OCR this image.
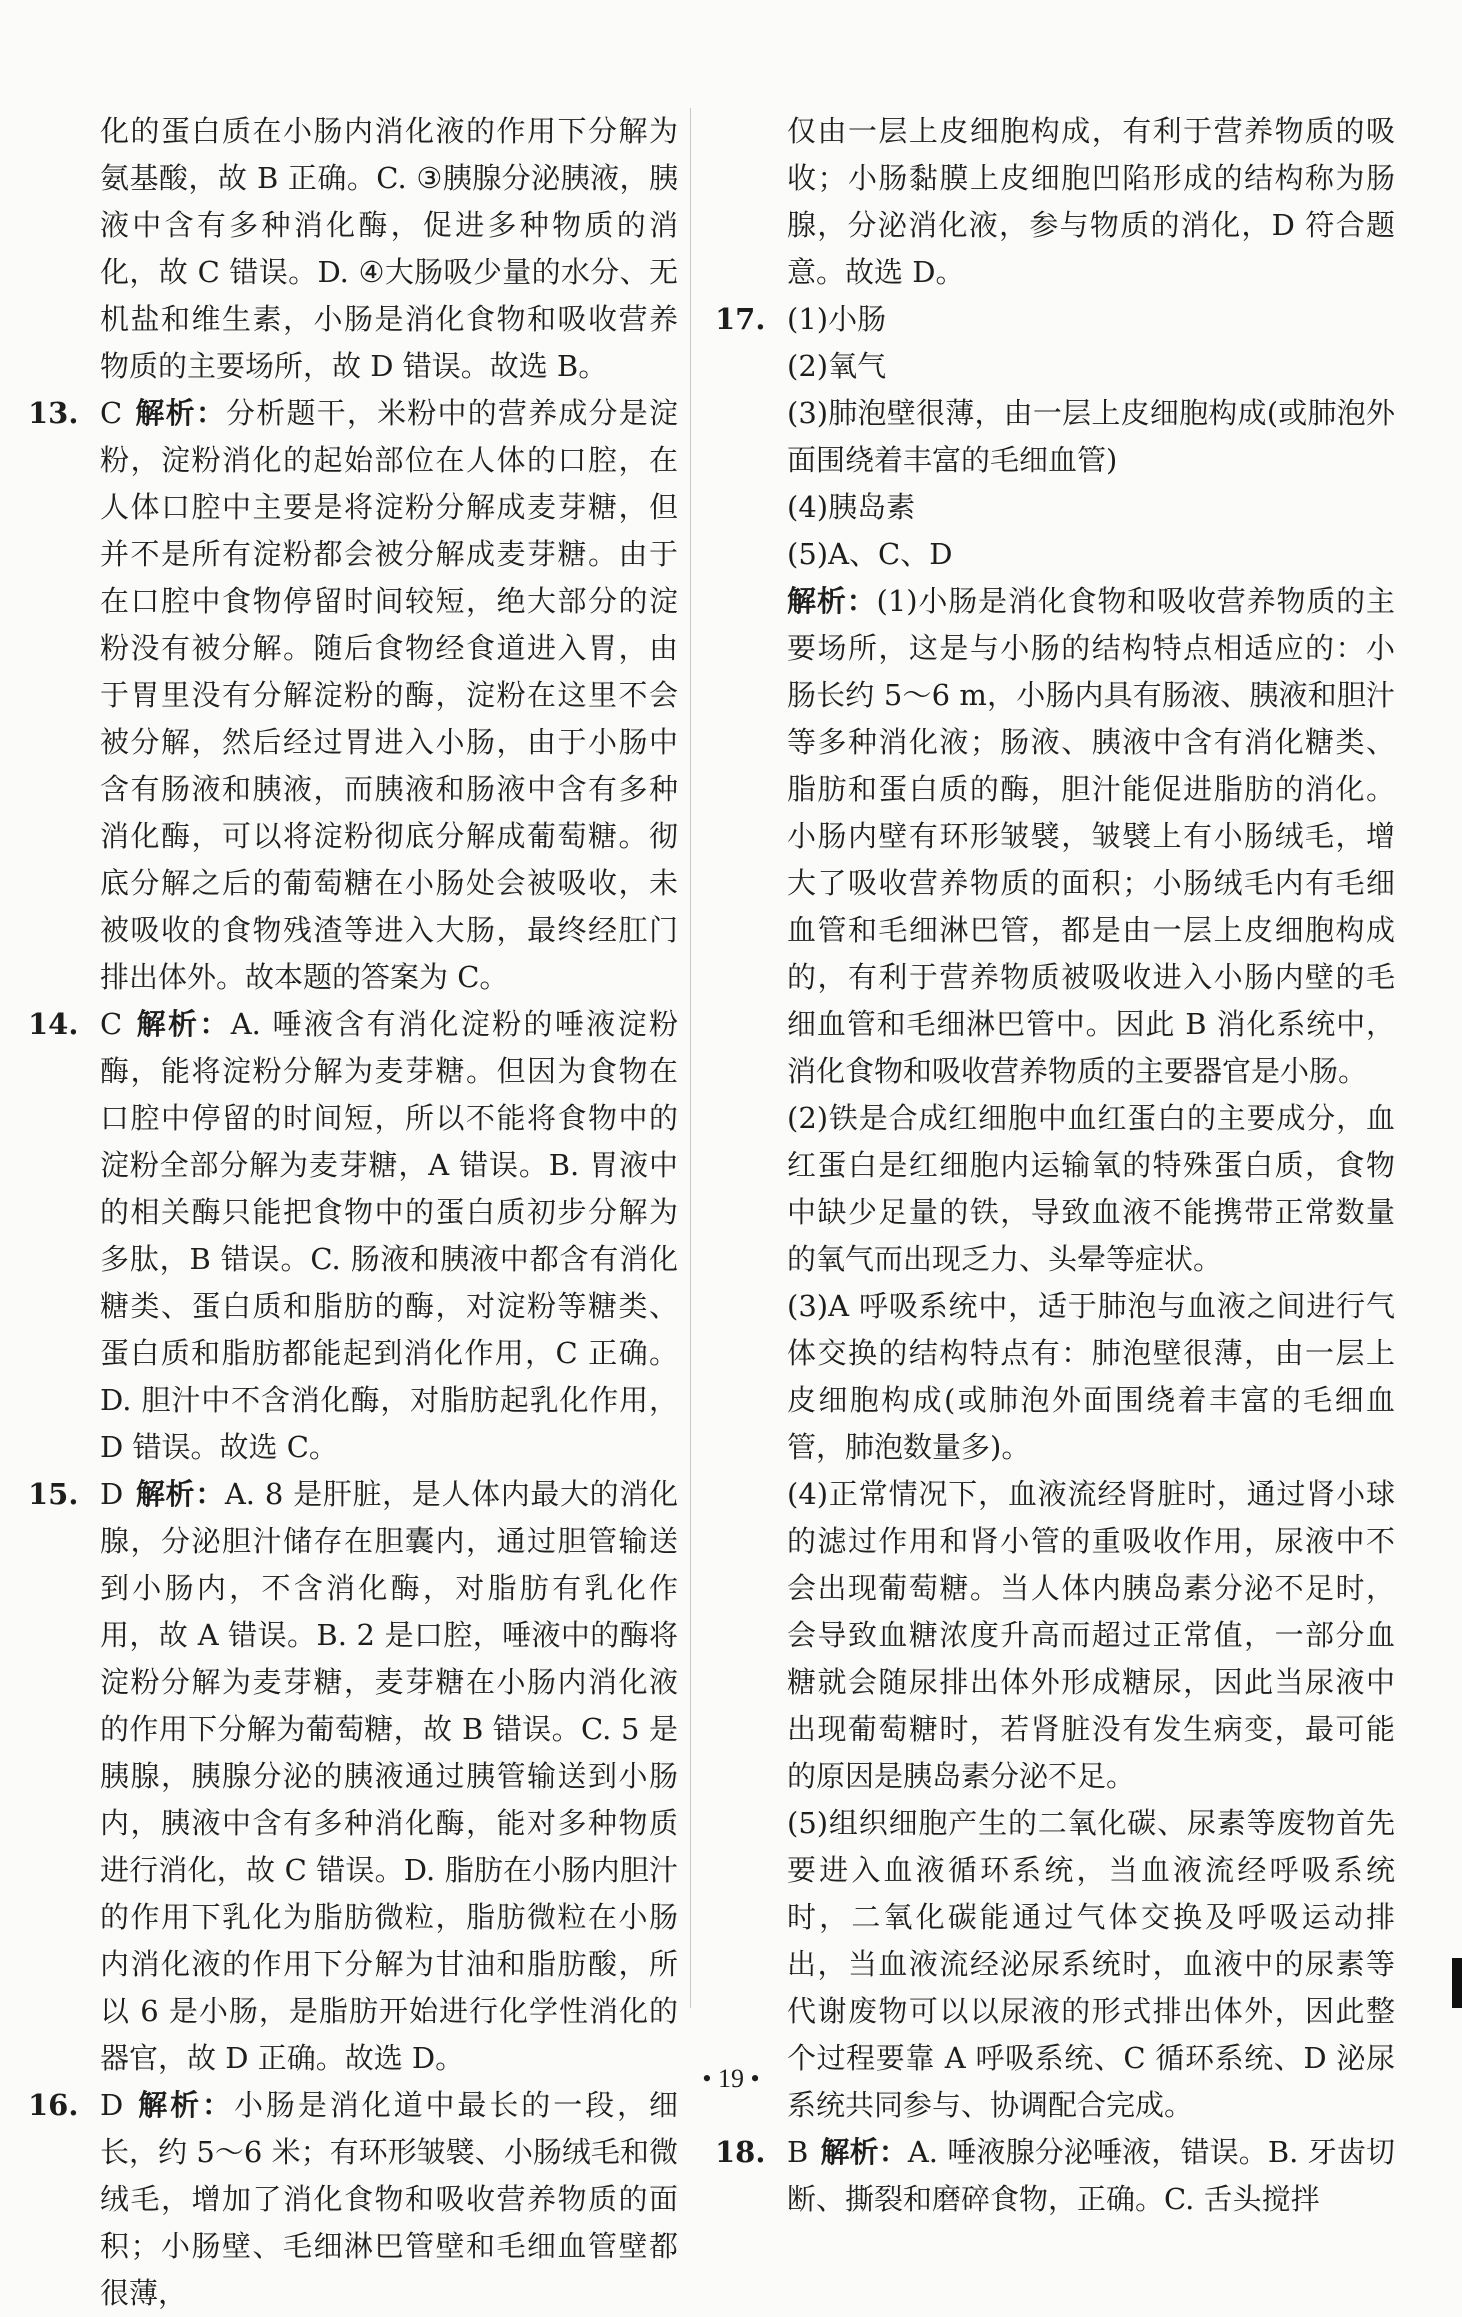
化的蛋白质在小肠内消化液的作用下分解为氨基酸，故 B 正确。C. ③胰腺分泌胰液，胰液中含有多种消化酶，促进多种物质的消化，故 C 错误。D. ④大肠吸少量的水分、无机盐和维生素，小肠是消化食物和吸收营养物质的主要场所，故 D 错误。故选 B。

13. C 解析：分析题干，米粉中的营养成分是淀粉，淀粉消化的起始部位在人体的口腔，在人体口腔中主要是将淀粉分解成麦芽糖，但并不是所有淀粉都会被分解成麦芽糖。由于在口腔中食物停留时间较短，绝大部分的淀粉没有被分解。随后食物经食道进入胃，由于胃里没有分解淀粉的酶，淀粉在这里不会被分解，然后经过胃进入小肠，由于小肠中含有肠液和胰液，而胰液和肠液中含有多种消化酶，可以将淀粉彻底分解成葡萄糖。彻底分解之后的葡萄糖在小肠处会被吸收，未被吸收的食物残渣等进入大肠，最终经肛门排出体外。故本题的答案为 C。

14. C 解析：A. 唾液含有消化淀粉的唾液淀粉酶，能将淀粉分解为麦芽糖。但因为食物在口腔中停留的时间短，所以不能将食物中的淀粉全部分解为麦芽糖，A 错误。B. 胃液中的相关酶只能把食物中的蛋白质初步分解为多肽，B 错误。C. 肠液和胰液中都含有消化糖类、蛋白质和脂肪的酶，对淀粉等糖类、蛋白质和脂肪都能起到消化作用，C 正确。D. 胆汁中不含消化酶，对脂肪起乳化作用，D 错误。故选 C。

15. D 解析：A. 8 是肝脏，是人体内最大的消化腺，分泌胆汁储存在胆囊内，通过胆管输送到小肠内，不含消化酶，对脂肪有乳化作用，故 A 错误。B. 2 是口腔，唾液中的酶将淀粉分解为麦芽糖，麦芽糖在小肠内消化液的作用下分解为葡萄糖，故 B 错误。C. 5 是胰腺，胰腺分泌的胰液通过胰管输送到小肠内，胰液中含有多种消化酶，能对多种物质进行消化，故 C 错误。D. 脂肪在小肠内胆汁的作用下乳化为脂肪微粒，脂肪微粒在小肠内消化液的作用下分解为甘油和脂肪酸，所以 6 是小肠，是脂肪开始进行化学性消化的器官，故 D 正确。故选 D。

16. D 解析：小肠是消化道中最长的一段，细长，约 5～6 米；有环形皱襞、小肠绒毛和微绒毛，增加了消化食物和吸收营养物质的面积；小肠壁、毛细淋巴管壁和毛细血管壁都很薄，

仅由一层上皮细胞构成，有利于营养物质的吸收；小肠黏膜上皮细胞凹陷形成的结构称为肠腺，分泌消化液，参与物质的消化，D 符合题意。故选 D。

17. (1)小肠

(2)氧气

(3)肺泡壁很薄，由一层上皮细胞构成(或肺泡外面围绕着丰富的毛细血管)

(4)胰岛素

(5)A、C、D

解析：(1)小肠是消化食物和吸收营养物质的主要场所，这是与小肠的结构特点相适应的：小肠长约 5～6 m，小肠内具有肠液、胰液和胆汁等多种消化液；肠液、胰液中含有消化糖类、脂肪和蛋白质的酶，胆汁能促进脂肪的消化。小肠内壁有环形皱襞，皱襞上有小肠绒毛，增大了吸收营养物质的面积；小肠绒毛内有毛细血管和毛细淋巴管，都是由一层上皮细胞构成的，有利于营养物质被吸收进入小肠内壁的毛细血管和毛细淋巴管中。因此 B 消化系统中，消化食物和吸收营养物质的主要器官是小肠。

(2)铁是合成红细胞中血红蛋白的主要成分，血红蛋白是红细胞内运输氧的特殊蛋白质，食物中缺少足量的铁，导致血液不能携带正常数量的氧气而出现乏力、头晕等症状。

(3)A 呼吸系统中，适于肺泡与血液之间进行气体交换的结构特点有：肺泡壁很薄，由一层上皮细胞构成(或肺泡外面围绕着丰富的毛细血管，肺泡数量多)。

(4)正常情况下，血液流经肾脏时，通过肾小球的滤过作用和肾小管的重吸收作用，尿液中不会出现葡萄糖。当人体内胰岛素分泌不足时，会导致血糖浓度升高而超过正常值，一部分血糖就会随尿排出体外形成糖尿，因此当尿液中出现葡萄糖时，若肾脏没有发生病变，最可能的原因是胰岛素分泌不足。

(5)组织细胞产生的二氧化碳、尿素等废物首先要进入血液循环系统，当血液流经呼吸系统时，二氧化碳能通过气体交换及呼吸运动排出，当血液流经泌尿系统时，血液中的尿素等代谢废物可以以尿液的形式排出体外，因此整个过程要靠 A 呼吸系统、C 循环系统、D 泌尿系统共同参与、协调配合完成。

18. B 解析：A. 唾液腺分泌唾液，错误。B. 牙齿切断、撕裂和磨碎食物，正确。C. 舌头搅拌

• 19 •
